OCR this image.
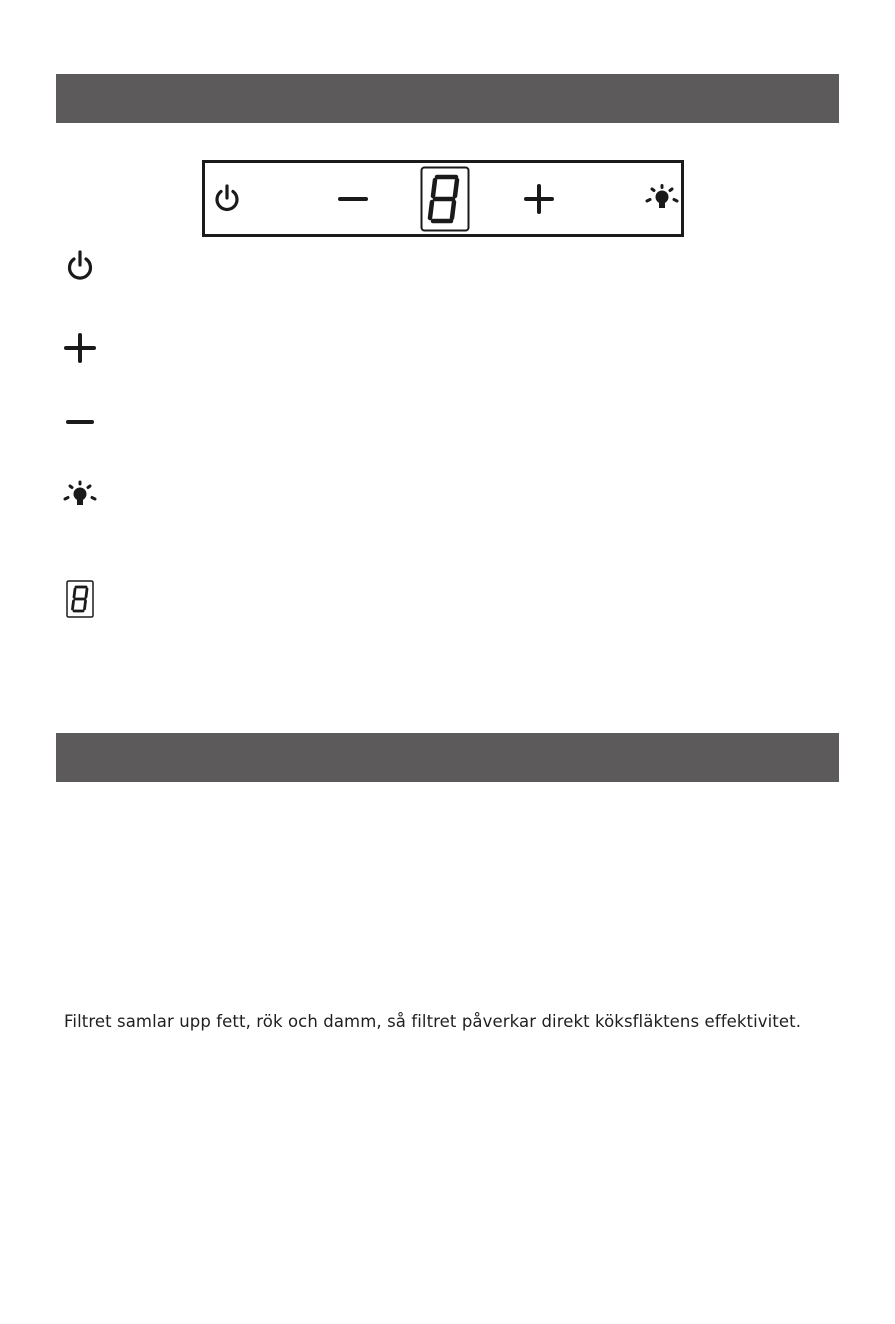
Filtret samlar upp fett, rök och damm, så filtret påverkar direkt köksfläktens effektivitet.
